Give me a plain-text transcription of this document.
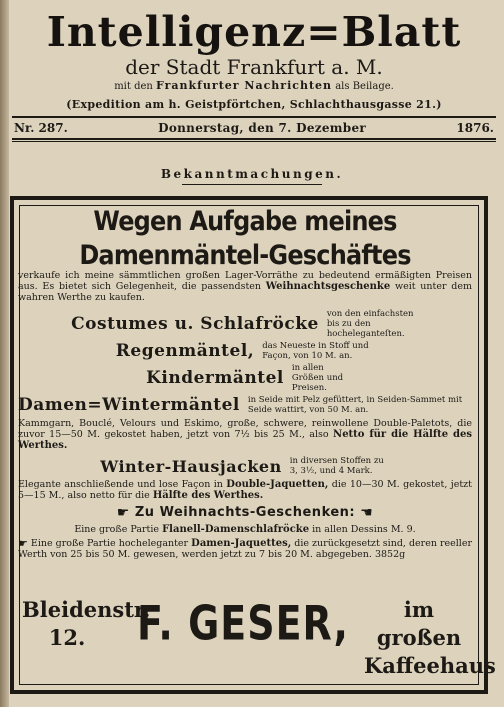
Intelligenz=Blatt
der Stadt Frankfurt a. M.
mit den Frankfurter Nachrichten als Beilage.
(Expedition am h. Geistpförtchen, Schlachthausgasse 21.)
Nr. 287.	Donnerstag, den 7. Dezember	1876.
Bekanntmachungen.
Wegen Aufgabe meines Damenmäntel-Geschäftes
verkaufe ich meine sämmtlichen großen Lager-Vorräthe zu bedeutend ermäßigten Preisen aus. Es bietet sich Gelegenheit, die passendsten Weihnachtsgeschenke weit unter dem wahren Werthe zu kaufen.
Costumes u. Schlafröcke von den einfachsten bis zu den hocheleganteſten.
Regenmäntel, das Neueste in Stoff und Façon, von 10 M. an.
Kindermäntel in allen Größen und Preisen.
Damen=Wintermäntel in Seide mit Pelz gefüttert, in Seiden-Sammet mit Seide wattirt, von 50 M. an.
Kammgarn, Bouclé, Velours und Eskimo, große, schwere, reinwollene Double-Paletots, die zuvor 15—50 M. gekostet haben, jetzt von 7½ bis 25 M., also Netto für die Hälfte des Werthes.
Winter-Hausjacken in diversen Stoffen zu 3, 3½, und 4 Mark.
Elegante anschließende und lose Façon in Double-Jaquetten, die 10—30 M. gekostet, jetzt 5—15 M., also netto für die Hälfte des Werthes.
☛ Zu Weihnachts-Geschenken: ☚
Eine große Partie Flanell-Damenschlafröcke in allen Dessins M. 9.
☛ Eine große Partie hocheleganter Damen-Jaquettes, die zurückgesetzt sind, deren reeller Werth von 25 bis 50 M. gewesen, werden jetzt zu 7 bis 20 M. abgegeben. 3852g
Bleidenstr.
12.	F. GESER,	im großen
Kaffeehaus
